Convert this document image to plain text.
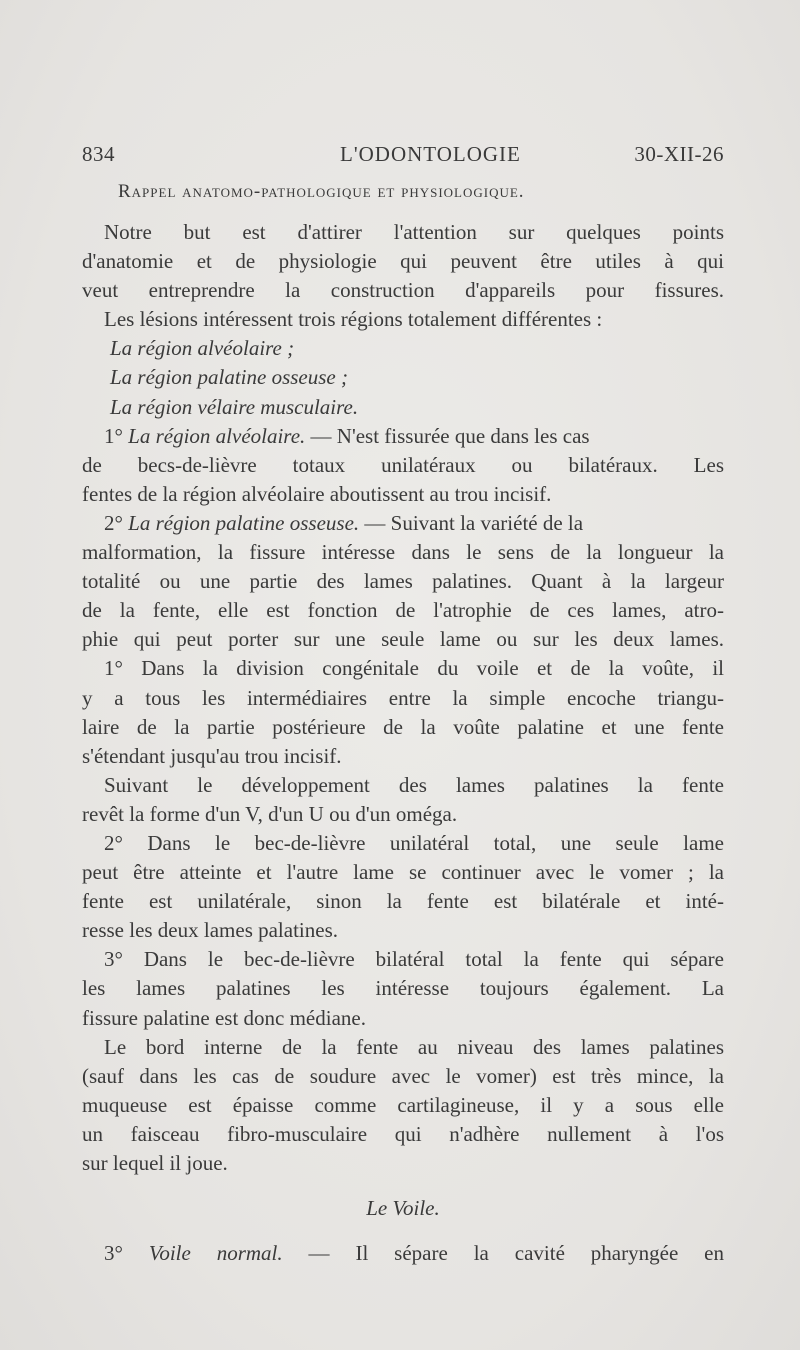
834	L'ODONTOLOGIE	30-XII-26
Rappel anatomo-pathologique et physiologique.
Notre but est d'attirer l'attention sur quelques points
d'anatomie et de physiologie qui peuvent être utiles à qui
veut entreprendre la construction d'appareils pour fissures.
Les lésions intéressent trois régions totalement différentes :
La région alvéolaire ;
La région palatine osseuse ;
La région vélaire musculaire.
1° La région alvéolaire. — N'est fissurée que dans les cas
de becs-de-lièvre totaux unilatéraux ou bilatéraux. Les
fentes de la région alvéolaire aboutissent au trou incisif.
2° La région palatine osseuse. — Suivant la variété de la
malformation, la fissure intéresse dans le sens de la longueur la
totalité ou une partie des lames palatines. Quant à la largeur
de la fente, elle est fonction de l'atrophie de ces lames, atro-
phie qui peut porter sur une seule lame ou sur les deux lames.
1° Dans la division congénitale du voile et de la voûte, il
y a tous les intermédiaires entre la simple encoche triangu-
laire de la partie postérieure de la voûte palatine et une fente
s'étendant jusqu'au trou incisif.
Suivant le développement des lames palatines la fente
revêt la forme d'un V, d'un U ou d'un oméga.
2° Dans le bec-de-lièvre unilatéral total, une seule lame
peut être atteinte et l'autre lame se continuer avec le vomer ; la
fente est unilatérale, sinon la fente est bilatérale et inté-
resse les deux lames palatines.
3° Dans le bec-de-lièvre bilatéral total la fente qui sépare
les lames palatines les intéresse toujours également. La
fissure palatine est donc médiane.
Le bord interne de la fente au niveau des lames palatines
(sauf dans les cas de soudure avec le vomer) est très mince, la
muqueuse est épaisse comme cartilagineuse, il y a sous elle
un faisceau fibro-musculaire qui n'adhère nullement à l'os
sur lequel il joue.
Le Voile.
3° Voile normal. — Il sépare la cavité pharyngée en
